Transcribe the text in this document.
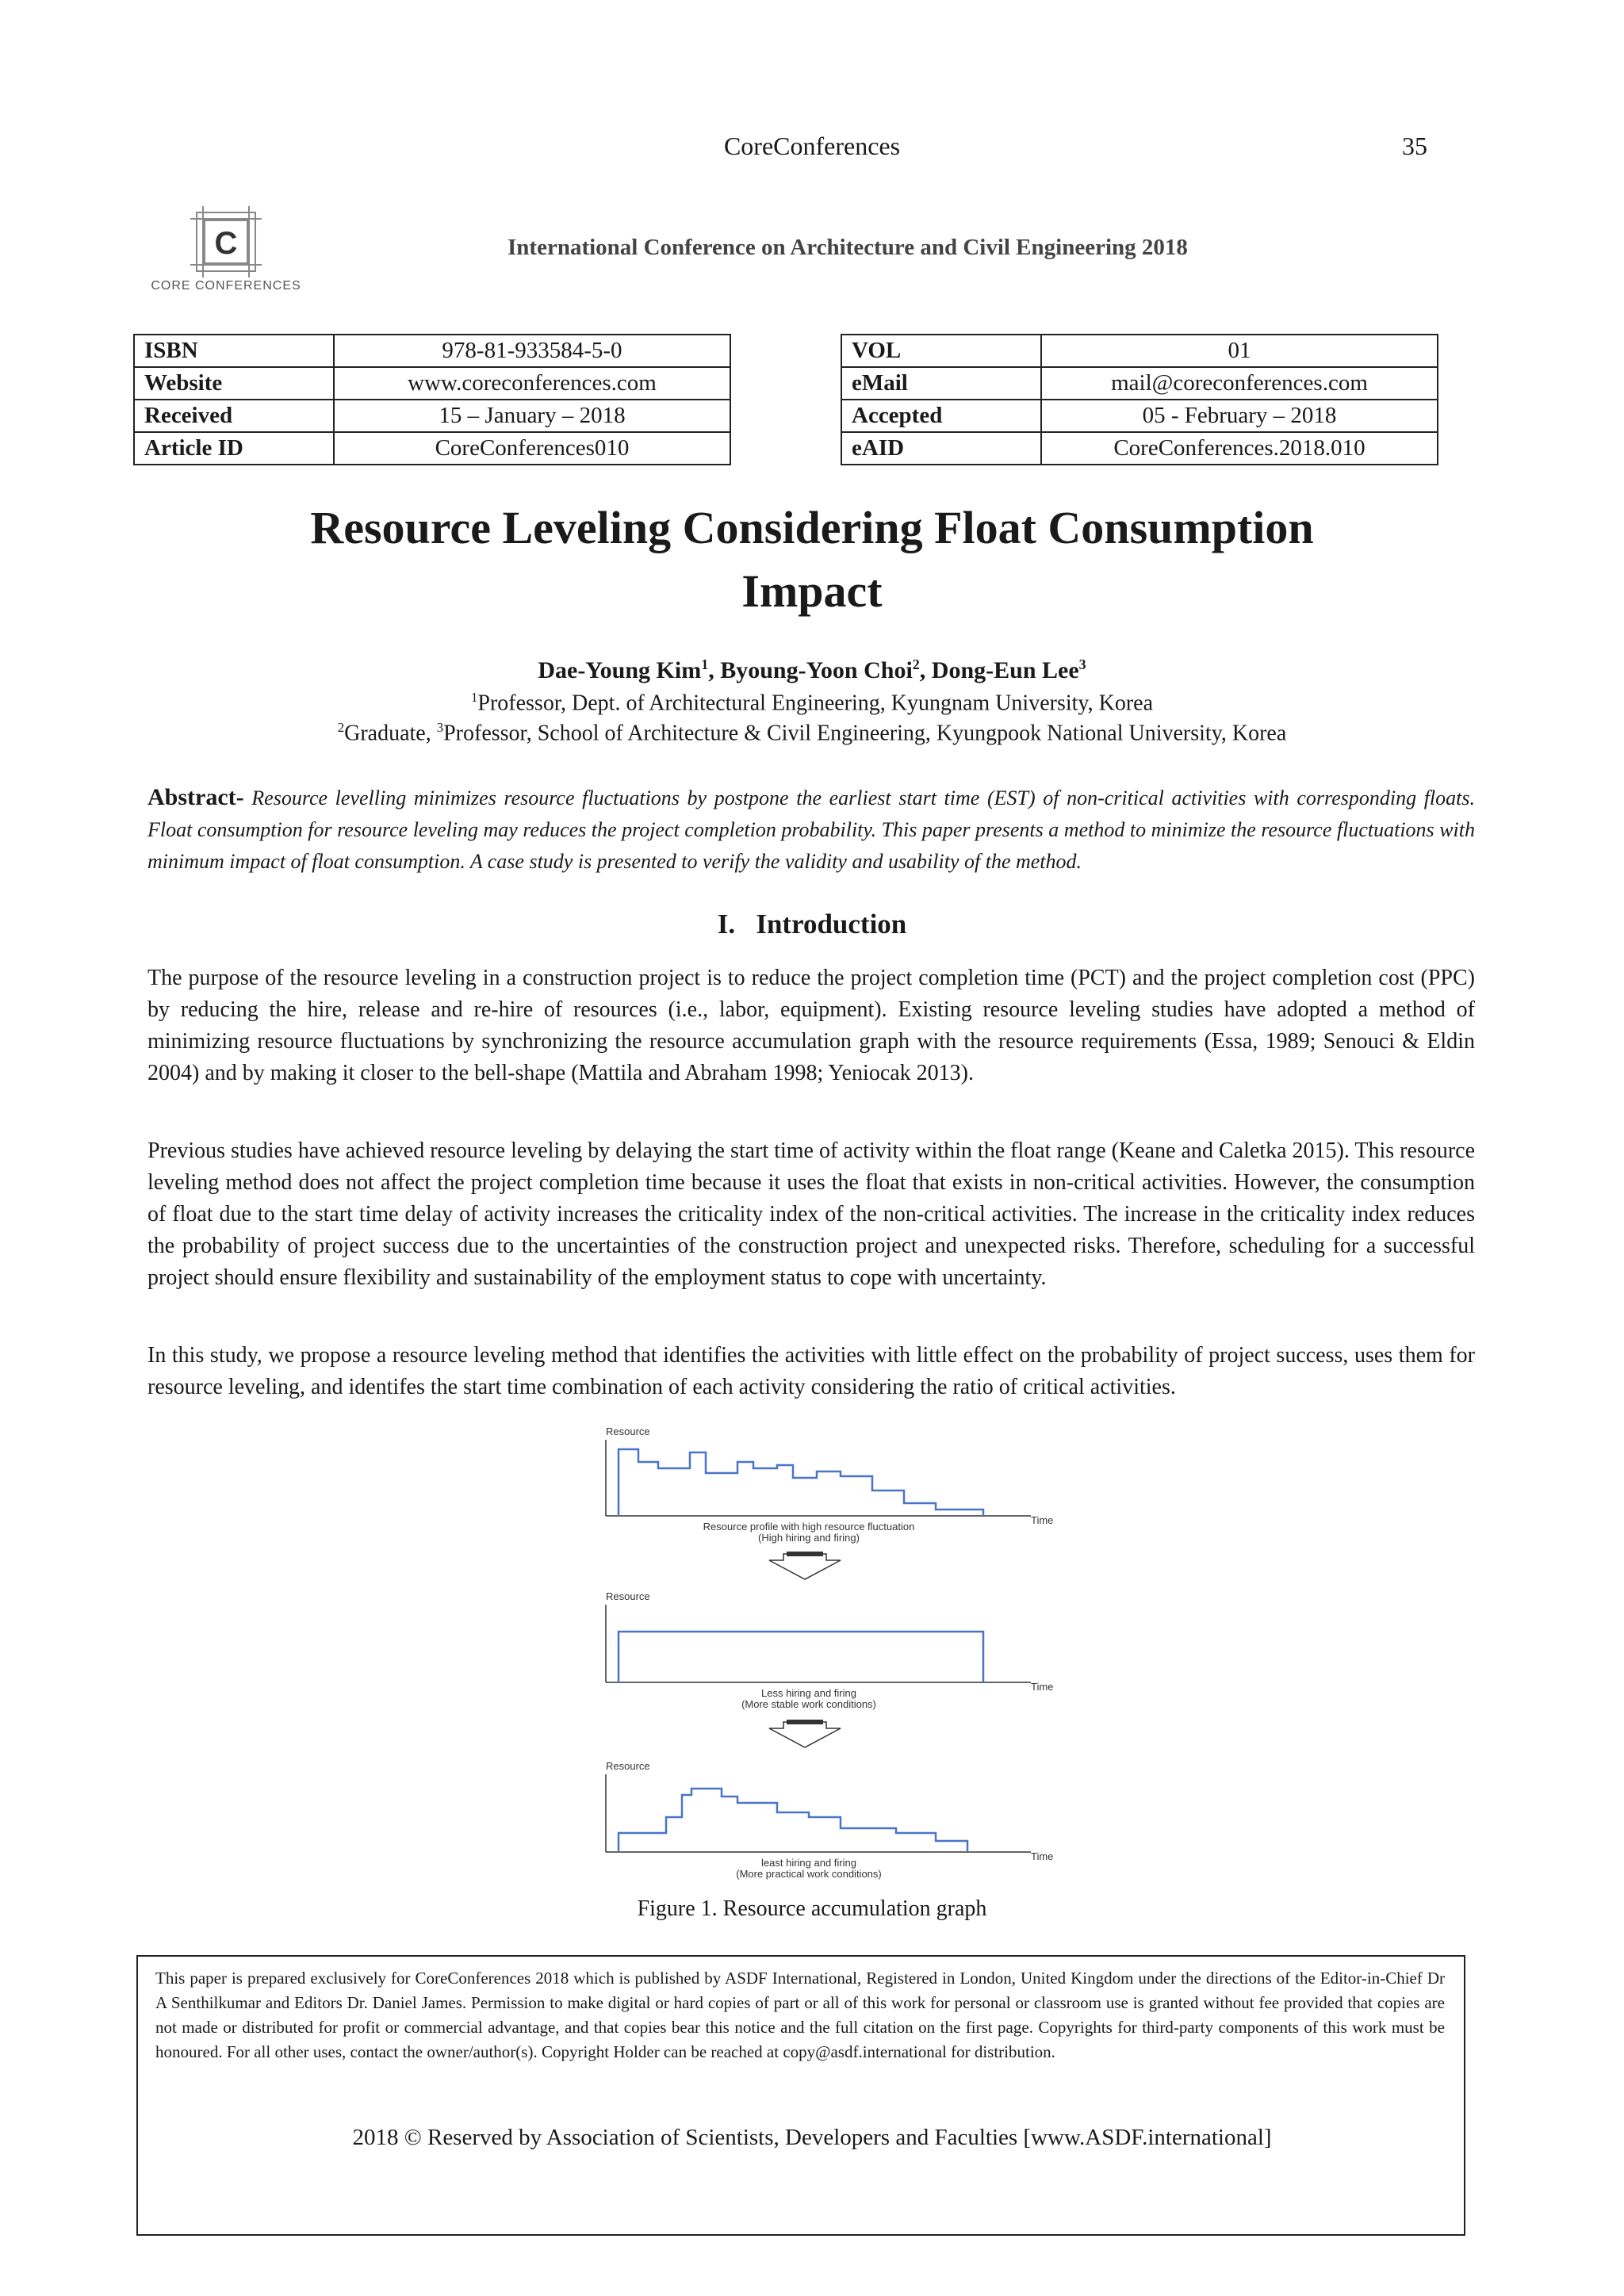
CoreConferences	35
C
CORE CONFERENCES
International Conference on Architecture and Civil Engineering 2018
ISBN	978-81-933584-5-0
Website	www.coreconferences.com
Received	15 – January – 2018
Article ID	CoreConferences010
VOL	01
eMail	mail@coreconferences.com
Accepted	05 - February – 2018
eAID	CoreConferences.2018.010
Resource Leveling Considering Float Consumption
Impact
Dae-Young Kim$^1$, Byoung-Yoon Choi$^2$, Dong-Eun Lee$^3$
$^1$Professor, Dept. of Architectural Engineering, Kyungnam University, Korea
$^2$Graduate, $^3$Professor, School of Architecture & Civil Engineering, Kyungpook National University, Korea
Abstract- Resource levelling minimizes resource fluctuations by postpone the earliest start time (EST) of non-critical activities with corresponding floats. Float consumption for resource leveling may reduces the project completion probability. This paper presents a method to minimize the resource fluctuations with minimum impact of float consumption. A case study is presented to verify the validity and usability of the method.
I.   Introduction

The purpose of the resource leveling in a construction project is to reduce the project completion time (PCT) and the project completion cost (PPC) by reducing the hire, release and re-hire of resources (i.e., labor, equipment). Existing resource leveling studies have adopted a method of minimizing resource fluctuations by synchronizing the resource accumulation graph with the resource requirements (Essa, 1989; Senouci & Eldin 2004) and by making it closer to the bell-shape (Mattila and Abraham 1998; Yeniocak 2013).

Previous studies have achieved resource leveling by delaying the start time of activity within the float range (Keane and Caletka 2015). This resource leveling method does not affect the project completion time because it uses the float that exists in non-critical activities. However, the consumption of float due to the start time delay of activity increases the criticality index of the non-critical activities. The increase in the criticality index reduces the probability of project success due to the uncertainties of the construction project and unexpected risks. Therefore, scheduling for a successful project should ensure flexibility and sustainability of the employment status to cope with uncertainty.

In this study, we propose a resource leveling method that identifies the activities with little effect on the probability of project success, uses them for resource leveling, and identifes the start time combination of each activity considering the ratio of critical activities.

Resource
Time
Resource profile with high resource fluctuation
(High hiring and firing)
Resource
Time
Less hiring and firing
(More stable work conditions)
Resource
Time
least hiring and firing
(More practical work conditions)
Figure 1. Resource accumulation graph

This paper is prepared exclusively for CoreConferences 2018 which is published by ASDF International, Registered in London, United Kingdom under the directions of the Editor-in-Chief Dr A Senthilkumar and Editors Dr. Daniel James. Permission to make digital or hard copies of part or all of this work for personal or classroom use is granted without fee provided that copies are not made or distributed for profit or commercial advantage, and that copies bear this notice and the full citation on the first page. Copyrights for third-party components of this work must be honoured. For all other uses, contact the owner/author(s). Copyright Holder can be reached at copy@asdf.international for distribution.

2018 © Reserved by Association of Scientists, Developers and Faculties [www.ASDF.international]
